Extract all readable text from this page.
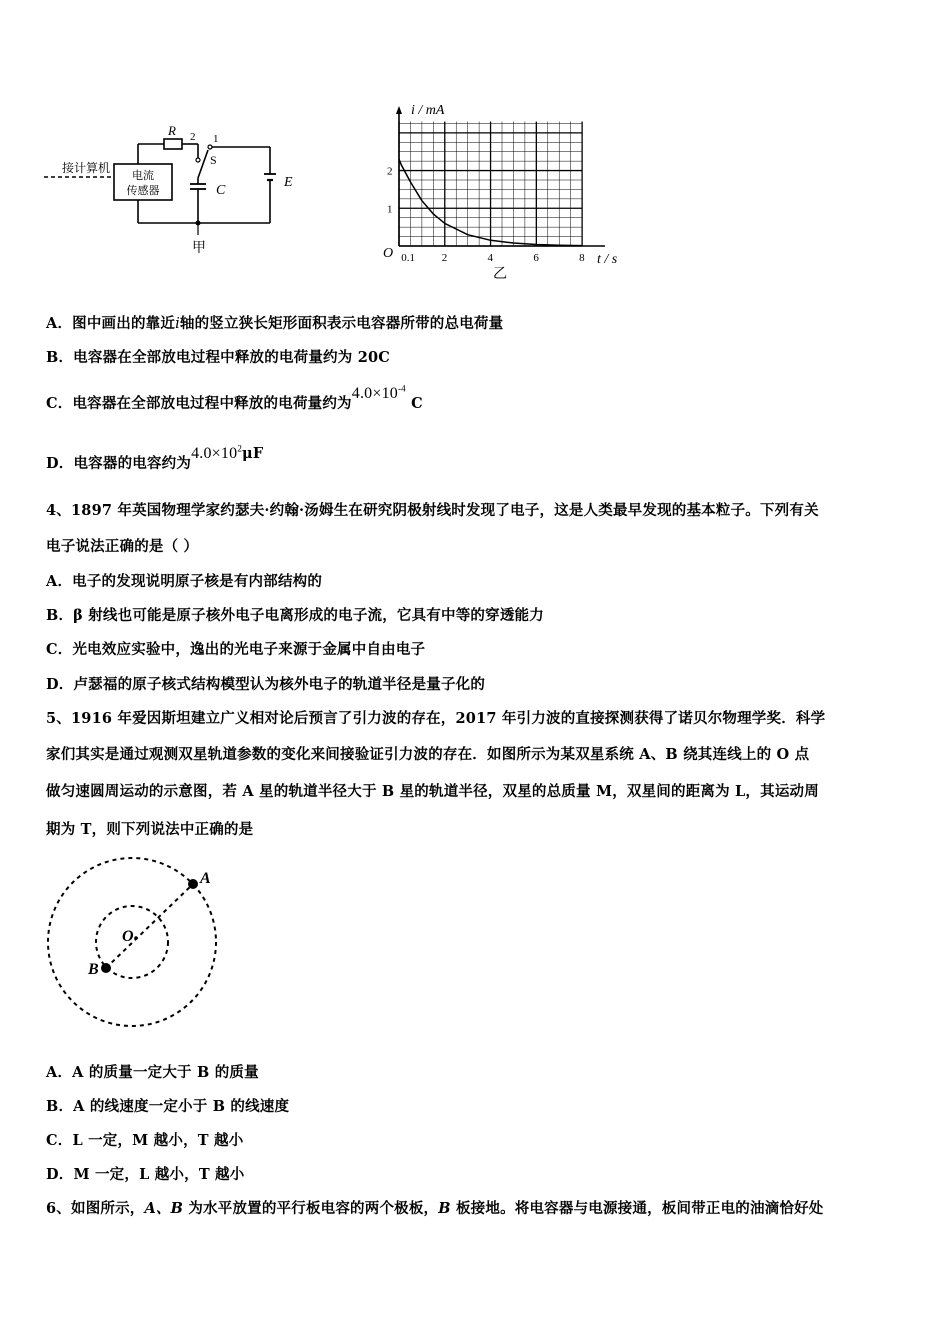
接计算机
电流
传感器
R 2 1
S
C
E
甲
i / mA
t / s
O 0.1 2	4	6	8
1
2
乙
A．图中画出的靠近i轴的竖立狭长矩形面积表示电容器所带的总电荷量
B．电容器在全部放电过程中释放的电荷量约为 20C
C．电容器在全部放电过程中释放的电荷量约为$4.0\times 10^{-4}$ C
D．电容器的电容约为$4.0\times 10^2\mu F$
4、1897 年英国物理学家约瑟夫·约翰·汤姆生在研究阴极射线时发现了电子，这是人类最早发现的基本粒子。下列有关
电子说法正确的是（ ）
A．电子的发现说明原子核是有内部结构的
B．β 射线也可能是原子核外电子电离形成的电子流，它具有中等的穿透能力
C．光电效应实验中，逸出的光电子来源于金属中自由电子
D．卢瑟福的原子核式结构模型认为核外电子的轨道半径是量子化的
5、1916 年爱因斯坦建立广义相对论后预言了引力波的存在，2017 年引力波的直接探测获得了诺贝尔物理学奖．科学
家们其实是通过观测双星轨道参数的变化来间接验证引力波的存在．如图所示为某双星系统 A、B 绕其连线上的 O 点
做匀速圆周运动的示意图，若 A 星的轨道半径大于 B 星的轨道半径，双星的总质量 M，双星间的距离为 L，其运动周
期为 T，则下列说法中正确的是
A
B
O
A．A 的质量一定大于 B 的质量
B．A 的线速度一定小于 B 的线速度
C．L 一定，M 越小，T 越小
D．M 一定，L 越小，T 越小
6、如图所示，A、B 为水平放置的平行板电容的两个极板，B 板接地。将电容器与电源接通，板间带正电的油滴恰好处
